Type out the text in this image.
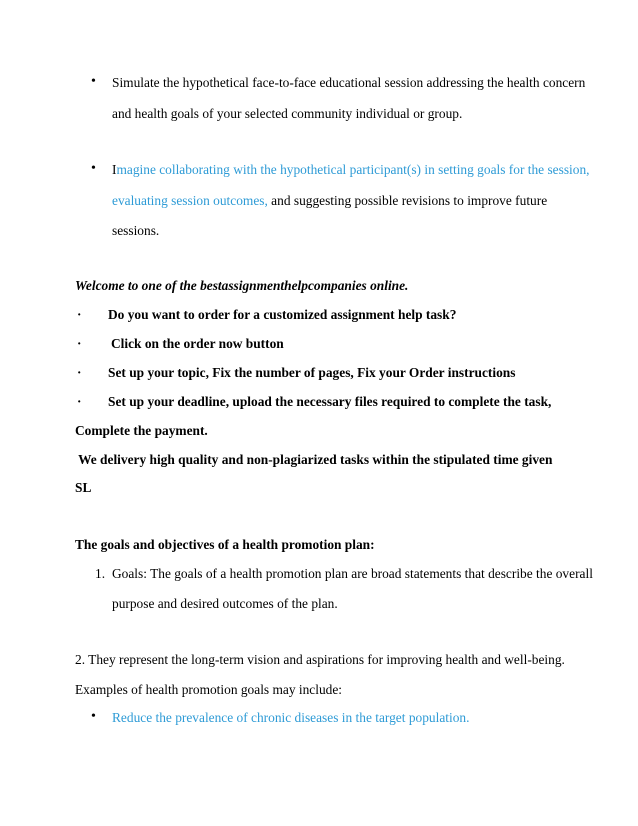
• Simulate the hypothetical face-to-face educational session addressing the health concern
and health goals of your selected community individual or group.
• Imagine collaborating with the hypothetical participant(s) in setting goals for the session,
evaluating session outcomes, and suggesting possible revisions to improve future
sessions.
Welcome to one of the bestassignmenthelpcompanies online.
· Do you want to order for a customized assignment help task?
· Click on the order now button
· Set up your topic, Fix the number of pages, Fix your Order instructions
· Set up your deadline, upload the necessary files required to complete the task,
Complete the payment.
We delivery high quality and non-plagiarized tasks within the stipulated time given
SL
The goals and objectives of a health promotion plan:
1. Goals: The goals of a health promotion plan are broad statements that describe the overall
purpose and desired outcomes of the plan.
2. They represent the long-term vision and aspirations for improving health and well-being.
Examples of health promotion goals may include:
• Reduce the prevalence of chronic diseases in the target population.
